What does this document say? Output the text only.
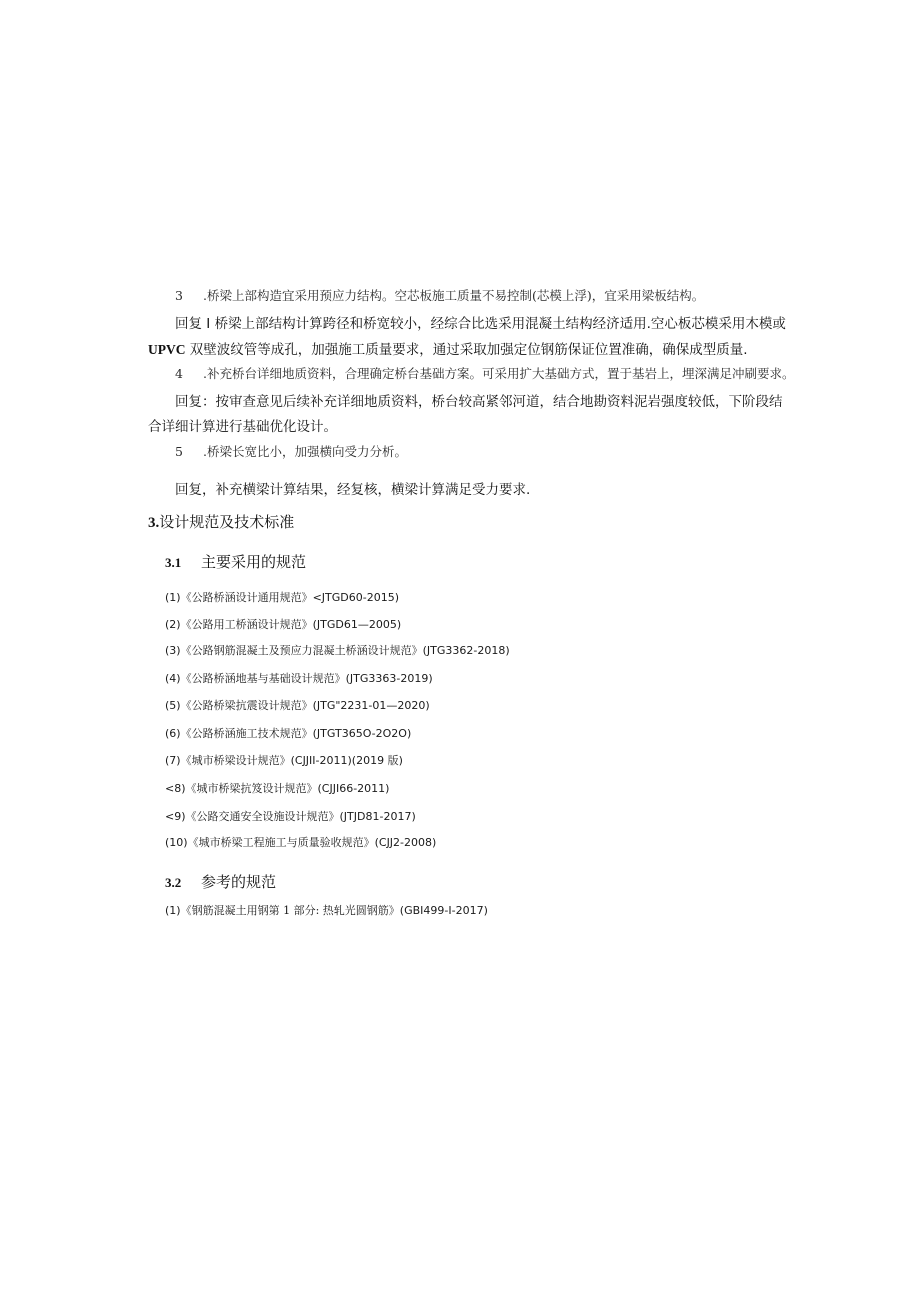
3 .桥梁上部构造宜采用预应力结构。空芯板施工质量不易控制(芯模上浮)，宜采用梁板结构。
回复 I 桥梁上部结构计算跨径和桥宽较小，经综合比选采用混凝土结构经济适用.空心板芯模采用木模或
UPVC 双壁波纹管等成孔，加强施工质量要求，通过采取加强定位钢筋保证位置准确，确保成型质量.
4 .补充桥台详细地质资料，合理确定桥台基础方案。可采用扩大基础方式，置于基岩上，埋深满足冲刷要求。
回复：按审查意见后续补充详细地质资料，桥台较高紧邻河道，结合地勘资料泥岩强度较低，下阶段结
合详细计算进行基础优化设计。
5 .桥梁长宽比小，加强横向受力分析。
回复，补充横梁计算结果，经复核，横梁计算满足受力要求.
3.设计规范及技术标准
3.1 主要采用的规范
(1)《公路桥涵设计通用规范》<JTGD60-2015)
(2)《公路用工桥涵设计规范》(JTGD61—2005)
(3)《公路钢筋混凝土及预应力混凝土桥涵设计规范》(JTG3362-2018)
(4)《公路桥涵地基与基础设计规范》(JTG3363-2019)
(5)《公路桥梁抗震设计规范》(JTG"2231-01—2020)
(6)《公路桥涵施工技术规范》(JTGT365O-2O2O)
(7)《城市桥梁设计规范》(CJJII-2011)(2019 版)
<8)《城市桥梁抗笈设计规范》(CJJI66-2011)
<9)《公路交通安全设施设计规范》(JTJD81-2017)
(10)《城市桥梁工程施工与质量验收规范》(CJJ2-2008)
3.2 参考的规范
(1)《钢筋混凝土用钢第 1 部分: 热轧光圆钢筋》(GBI499-I-2017)
